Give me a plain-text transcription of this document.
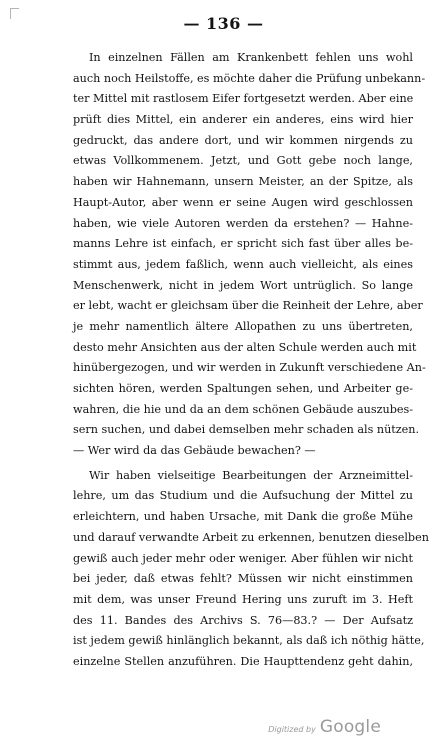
— 136 —
In einzelnen Fällen am Krankenbett fehlen uns wohl
auch noch Heilstoffe, es möchte daher die Prüfung unbekann-
ter Mittel mit rastlosem Eifer fortgesetzt werden. Aber eine
prüft dies Mittel, ein anderer ein anderes, eins wird hier
gedruckt, das andere dort, und wir kommen nirgends zu
etwas Vollkommenem. Jetzt, und Gott gebe noch lange,
haben wir Hahnemann, unsern Meister, an der Spitze, als
Haupt-Autor, aber wenn er seine Augen wird geschlossen
haben, wie viele Autoren werden da erstehen? — Hahne-
manns Lehre ist einfach, er spricht sich fast über alles be-
stimmt aus, jedem faßlich, wenn auch vielleicht, als eines
Menschenwerk, nicht in jedem Wort untrüglich. So lange
er lebt, wacht er gleichsam über die Reinheit der Lehre, aber
je mehr namentlich ältere Allopathen zu uns übertreten,
desto mehr Ansichten aus der alten Schule werden auch mit
hinübergezogen, und wir werden in Zukunft verschiedene An-
sichten hören, werden Spaltungen sehen, und Arbeiter ge-
wahren, die hie und da an dem schönen Gebäude auszubes-
sern suchen, und dabei demselben mehr schaden als nützen.
— Wer wird da das Gebäude bewachen? —
Wir haben vielseitige Bearbeitungen der Arzneimittel-
lehre, um das Studium und die Aufsuchung der Mittel zu
erleichtern, und haben Ursache, mit Dank die große Mühe
und darauf verwandte Arbeit zu erkennen, benutzen dieselben
gewiß auch jeder mehr oder weniger. Aber fühlen wir nicht
bei jeder, daß etwas fehlt? Müssen wir nicht einstimmen
mit dem, was unser Freund Hering uns zuruft im 3. Heft
des 11. Bandes des Archivs S. 76—83.? — Der Aufsatz
ist jedem gewiß hinlänglich bekannt, als daß ich nöthig hätte,
einzelne Stellen anzuführen. Die Haupttendenz geht dahin,
Digitized by Google
